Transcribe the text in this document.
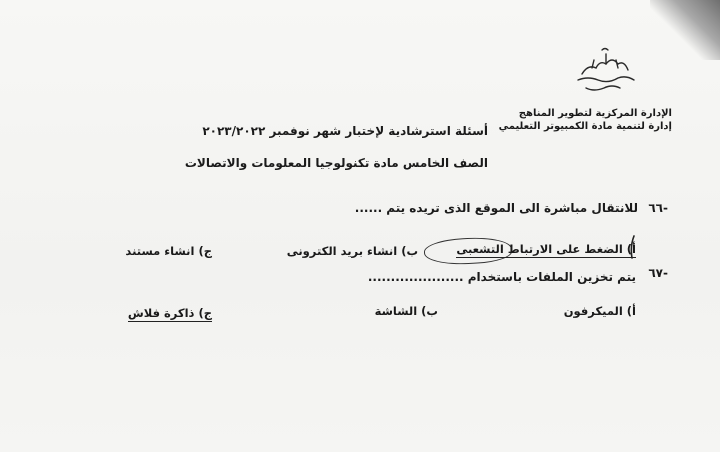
الإدارة المركزية لتطوير المناهج
إدارة لتنمية مادة الكمبيوتر التعليمي
أسئلة استرشادية لإختبار شهر نوفمبر ٢٠٢٣/٢٠٢٢
الصف الخامس مادة تكنولوجيا المعلومات والاتصالات
٦٦-
للانتقال مباشرة الى الموقع الذى تريده يتم ......
أ) الضغط على الارتباط التشعبى
ب) انشاء بريد الكترونى
ج) انشاء مستند
٦٧-
يتم تخزين الملفات باستخدام .....................
أ) الميكرفون
ب) الشاشة
ج) ذاكرة فلاش
